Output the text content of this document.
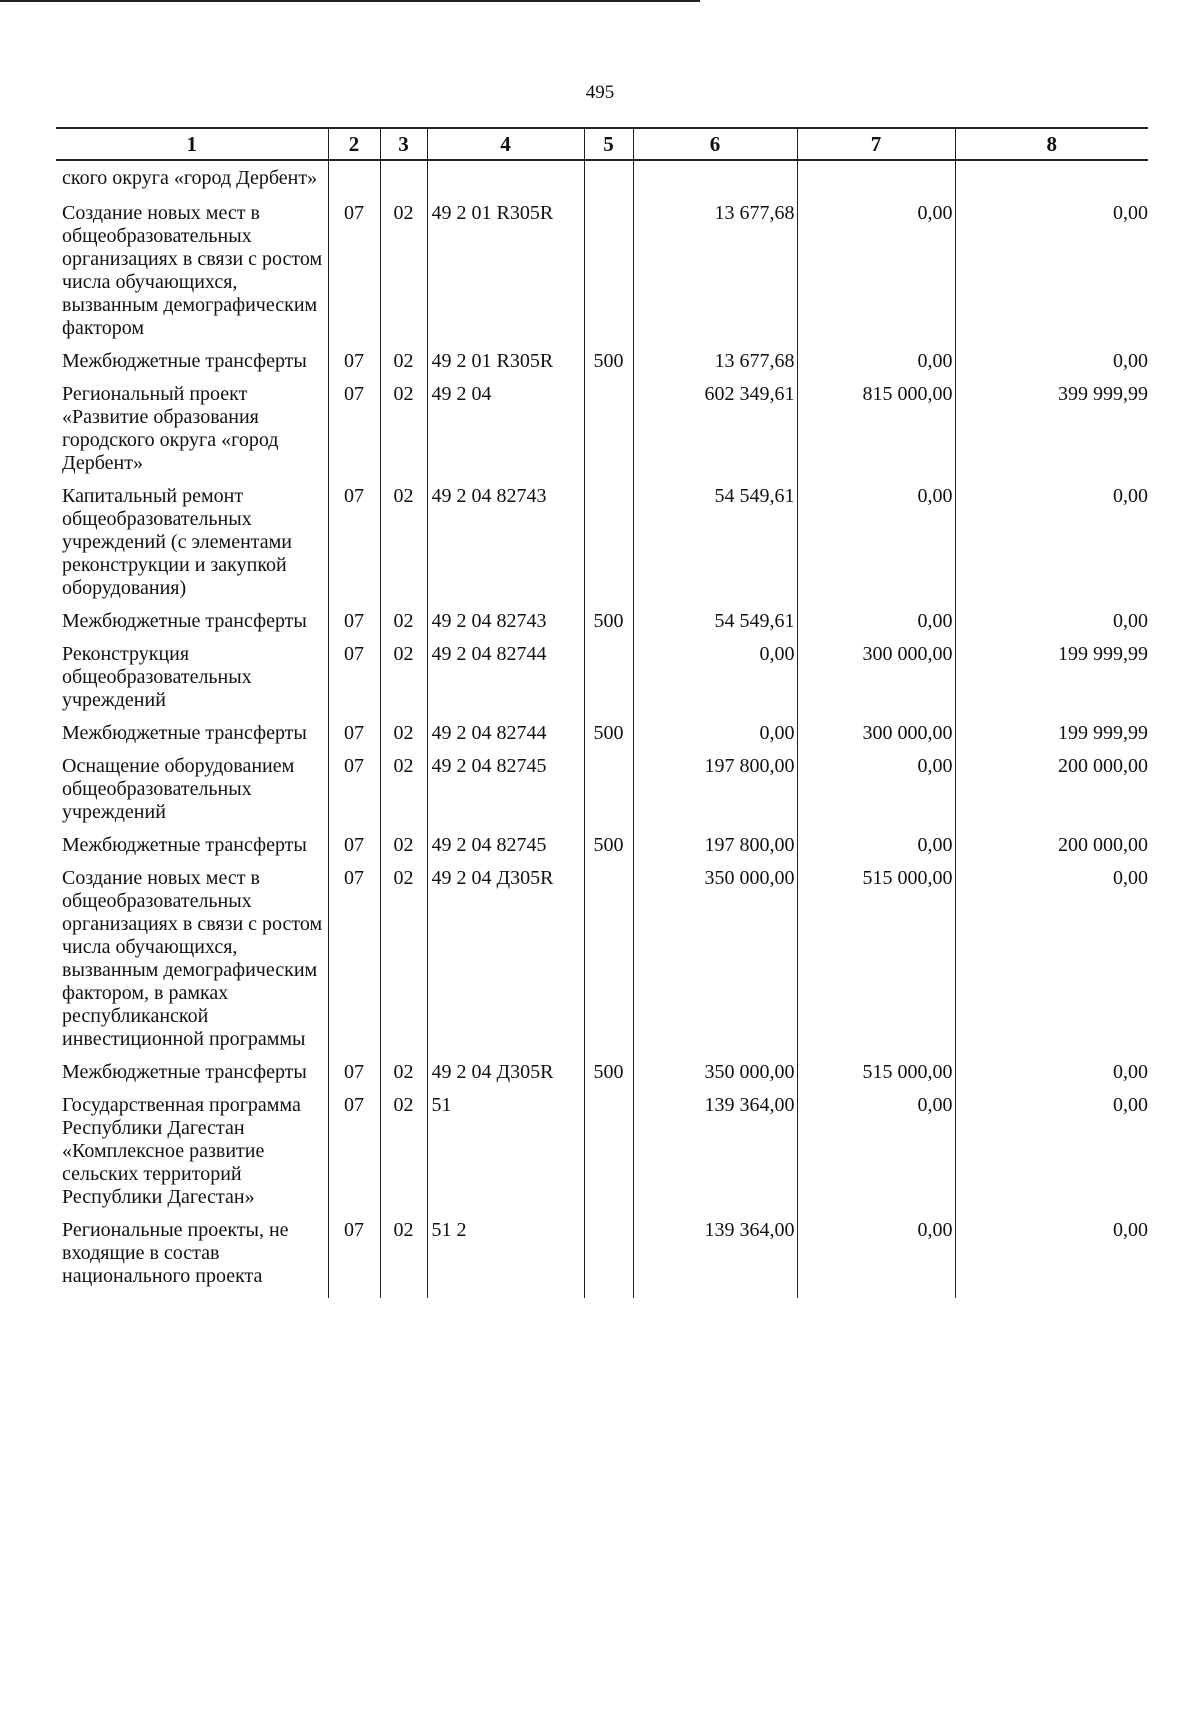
495
1	2	3	4	5	6	7	8
ского округа «город Дербент»							
Создание новых мест в общеобразовательных организациях в связи с ростом числа обучающихся, вызванным демографическим фактором	07	02	49 2 01 R305R		13 677,68	0,00	0,00
Межбюджетные трансферты	07	02	49 2 01 R305R	500	13 677,68	0,00	0,00
Региональный проект «Развитие образования городского округа «город Дербент»	07	02	49 2 04		602 349,61	815 000,00	399 999,99
Капитальный ремонт общеобразовательных учреждений (с элементами реконструкции и закупкой оборудования)	07	02	49 2 04 82743		54 549,61	0,00	0,00
Межбюджетные трансферты	07	02	49 2 04 82743	500	54 549,61	0,00	0,00
Реконструкция общеобразовательных учреждений	07	02	49 2 04 82744		0,00	300 000,00	199 999,99
Межбюджетные трансферты	07	02	49 2 04 82744	500	0,00	300 000,00	199 999,99
Оснащение оборудованием общеобразовательных учреждений	07	02	49 2 04 82745		197 800,00	0,00	200 000,00
Межбюджетные трансферты	07	02	49 2 04 82745	500	197 800,00	0,00	200 000,00
Создание новых мест в общеобразовательных организациях в связи с ростом числа обучающихся, вызванным демографическим фактором, в рамках республиканской инвестиционной программы	07	02	49 2 04 Д305R		350 000,00	515 000,00	0,00
Межбюджетные трансферты	07	02	49 2 04 Д305R	500	350 000,00	515 000,00	0,00
Государственная программа Республики Дагестан «Комплексное развитие сельских территорий Республики Дагестан»	07	02	51		139 364,00	0,00	0,00
Региональные проекты, не входящие в состав национального проекта	07	02	51 2		139 364,00	0,00	0,00
